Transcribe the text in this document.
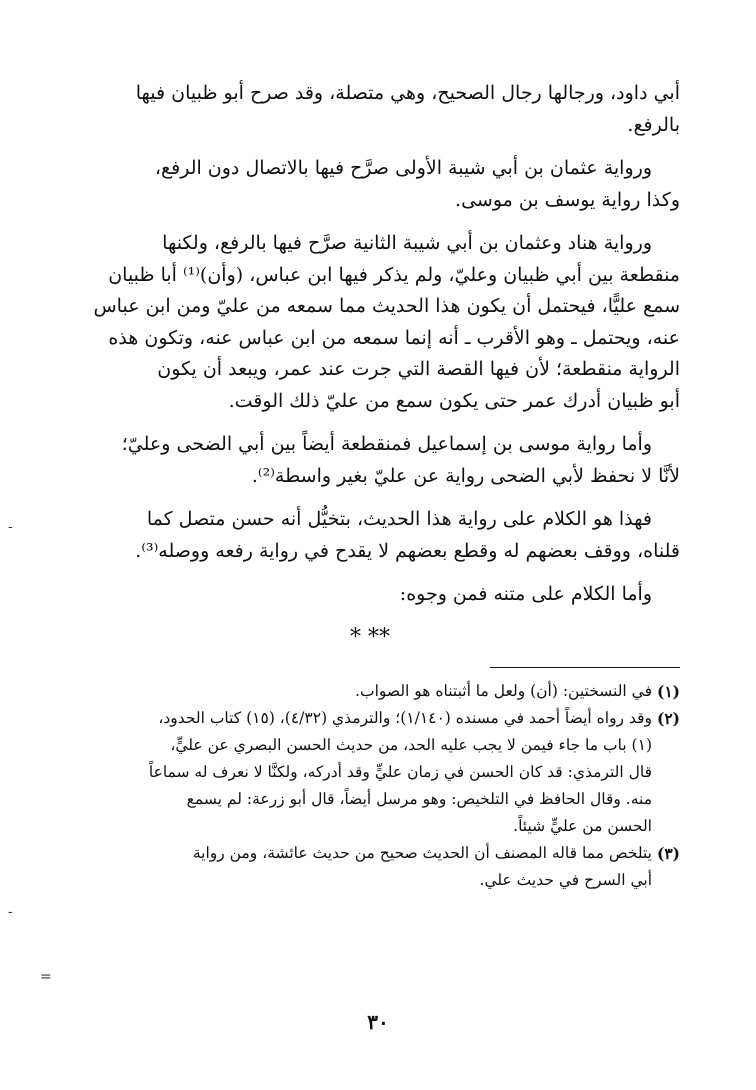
أبي داود، ورجالها رجال الصحيح، وهي متصلة، وقد صرح أبو ظبيان فيها
بالرفع.
ورواية عثمان بن أبي شيبة الأولى صرَّح فيها بالاتصال دون الرفع،
وكذا رواية يوسف بن موسى.
ورواية هناد وعثمان بن أبي شيبة الثانية صرَّح فيها بالرفع، ولكنها
منقطعة بين أبي ظبيان وعليّ، ولم يذكر فيها ابن عباس، (وأن)⁽¹⁾ أبا ظبيان
سمع عليًّا، فيحتمل أن يكون هذا الحديث مما سمعه من عليّ ومن ابن عباس
عنه، ويحتمل ـ وهو الأقرب ـ أنه إنما سمعه من ابن عباس عنه، وتكون هذه
الرواية منقطعة؛ لأن فيها القصة التي جرت عند عمر، ويبعد أن يكون
أبو ظبيان أدرك عمر حتى يكون سمع من عليّ ذلك الوقت.
وأما رواية موسى بن إسماعيل فمنقطعة أيضاً بين أبي الضحى وعليّ؛
لأنَّا لا نحفظ لأبي الضحى رواية عن عليّ بغير واسطة⁽²⁾.
فهذا هو الكلام على رواية هذا الحديث، بتخيُّل أنه حسن متصل كما
قلناه، ووقف بعضهم له وقطع بعضهم لا يقدح في رواية رفعه ووصله⁽³⁾.
وأما الكلام على متنه فمن وجوه:
* **
(١)
في النسختين: (أن) ولعل ما أثبتناه هو الصواب.
(٢)
وقد رواه أيضاً أحمد في مسنده (١/١٤٠)؛ والترمذي (٤/٣٢)، (١٥) كتاب الحدود،
(١) باب ما جاء فيمن لا يجب عليه الحد، من حديث الحسن البصري عن عليٍّ،
قال الترمذي: قد كان الحسن في زمان عليٍّ وقد أدركه، ولكنَّا لا نعرف له سماعاً
منه. وقال الحافظ في التلخيص: وهو مرسل أيضاً، قال أبو زرعة: لم يسمع
الحسن من عليٍّ شيئاً.
(٣)
يتلخص مما قاله المصنف أن الحديث صحيح من حديث عائشة، ومن رواية
أبي السرح في حديث علي.
٣٠
=
-
-
